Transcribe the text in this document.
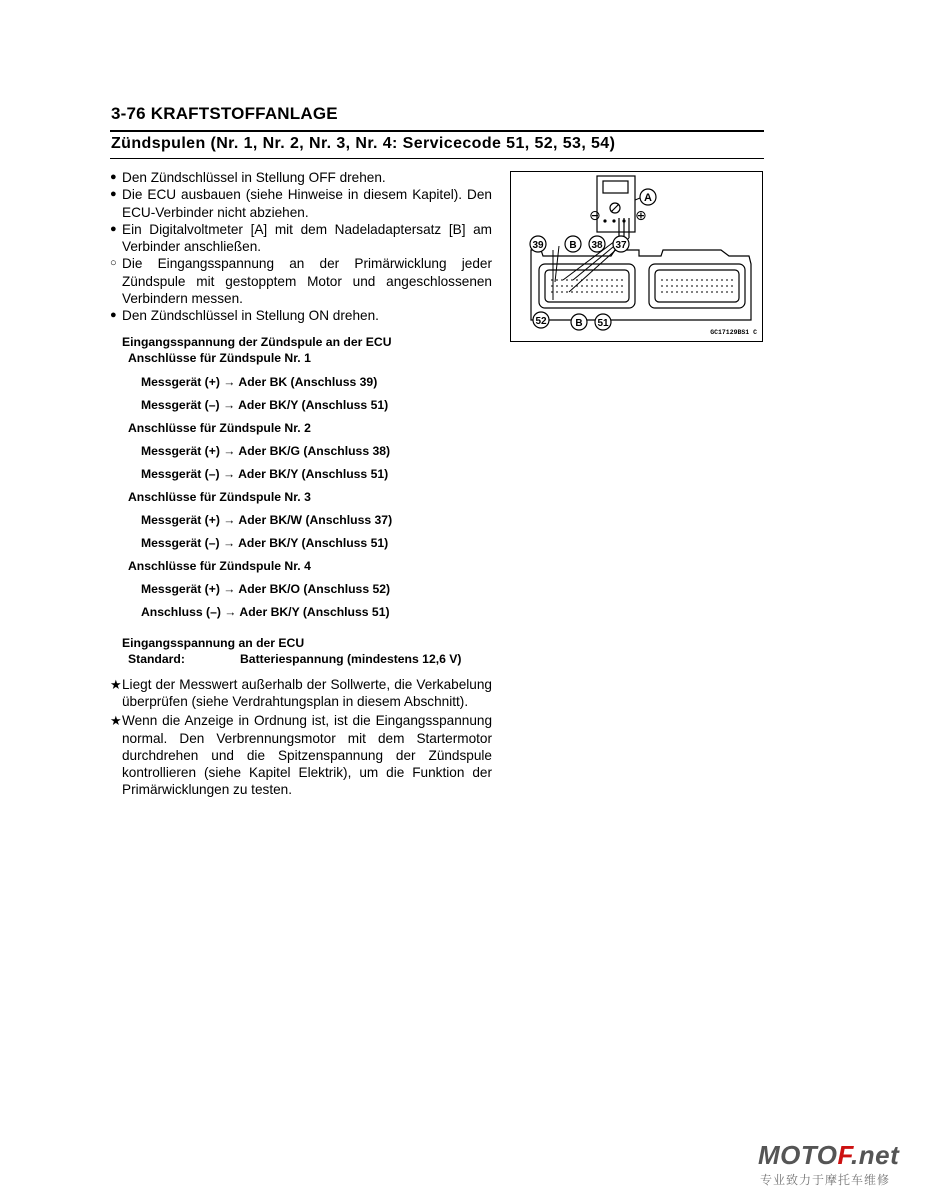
3-76 KRAFTSTOFFANLAGE
Zündspulen (Nr. 1, Nr. 2, Nr. 3, Nr. 4: Servicecode 51, 52, 53, 54)
● Den Zündschlüssel in Stellung OFF drehen.
● Die ECU ausbauen (siehe Hinweise in diesem Kapitel). Den ECU-Verbinder nicht abziehen.
● Ein Digitalvoltmeter [A] mit dem Nadeladaptersatz [B] am Verbinder anschließen.
○ Die Eingangsspannung an der Primärwicklung jeder Zündspule mit gestopptem Motor und angeschlossenen Verbindern messen.
● Den Zündschlüssel in Stellung ON drehen.
Eingangsspannung der Zündspule an der ECU
Anschlüsse für Zündspule Nr. 1
Messgerät (+) → Ader BK (Anschluss 39)
Messgerät (–) → Ader BK/Y (Anschluss 51)
Anschlüsse für Zündspule Nr. 2
Messgerät (+) → Ader BK/G (Anschluss 38)
Messgerät (–) → Ader BK/Y (Anschluss 51)
Anschlüsse für Zündspule Nr. 3
Messgerät (+) → Ader BK/W (Anschluss 37)
Messgerät (–) → Ader BK/Y (Anschluss 51)
Anschlüsse für Zündspule Nr. 4
Messgerät (+) → Ader BK/O (Anschluss 52)
Anschluss (–) → Ader BK/Y (Anschluss 51)
Eingangsspannung an der ECU
Standard:	Batteriespannung (mindestens 12,6 V)
★ Liegt der Messwert außerhalb der Sollwerte, die Verkabelung überprüfen (siehe Verdrahtungsplan in diesem Abschnitt).
★ Wenn die Anzeige in Ordnung ist, ist die Eingangsspannung normal. Den Verbrennungsmotor mit dem Startermotor durchdrehen und die Spitzenspannung der Zündspule kontrollieren (siehe Kapitel Elektrik), um die Funktion der Primärwicklungen zu testen.
A
⊖ ⊕
39	B 38 37
52	B 51
GC17129BS1 C
MOTOF.net
专业致力于摩托车维修
